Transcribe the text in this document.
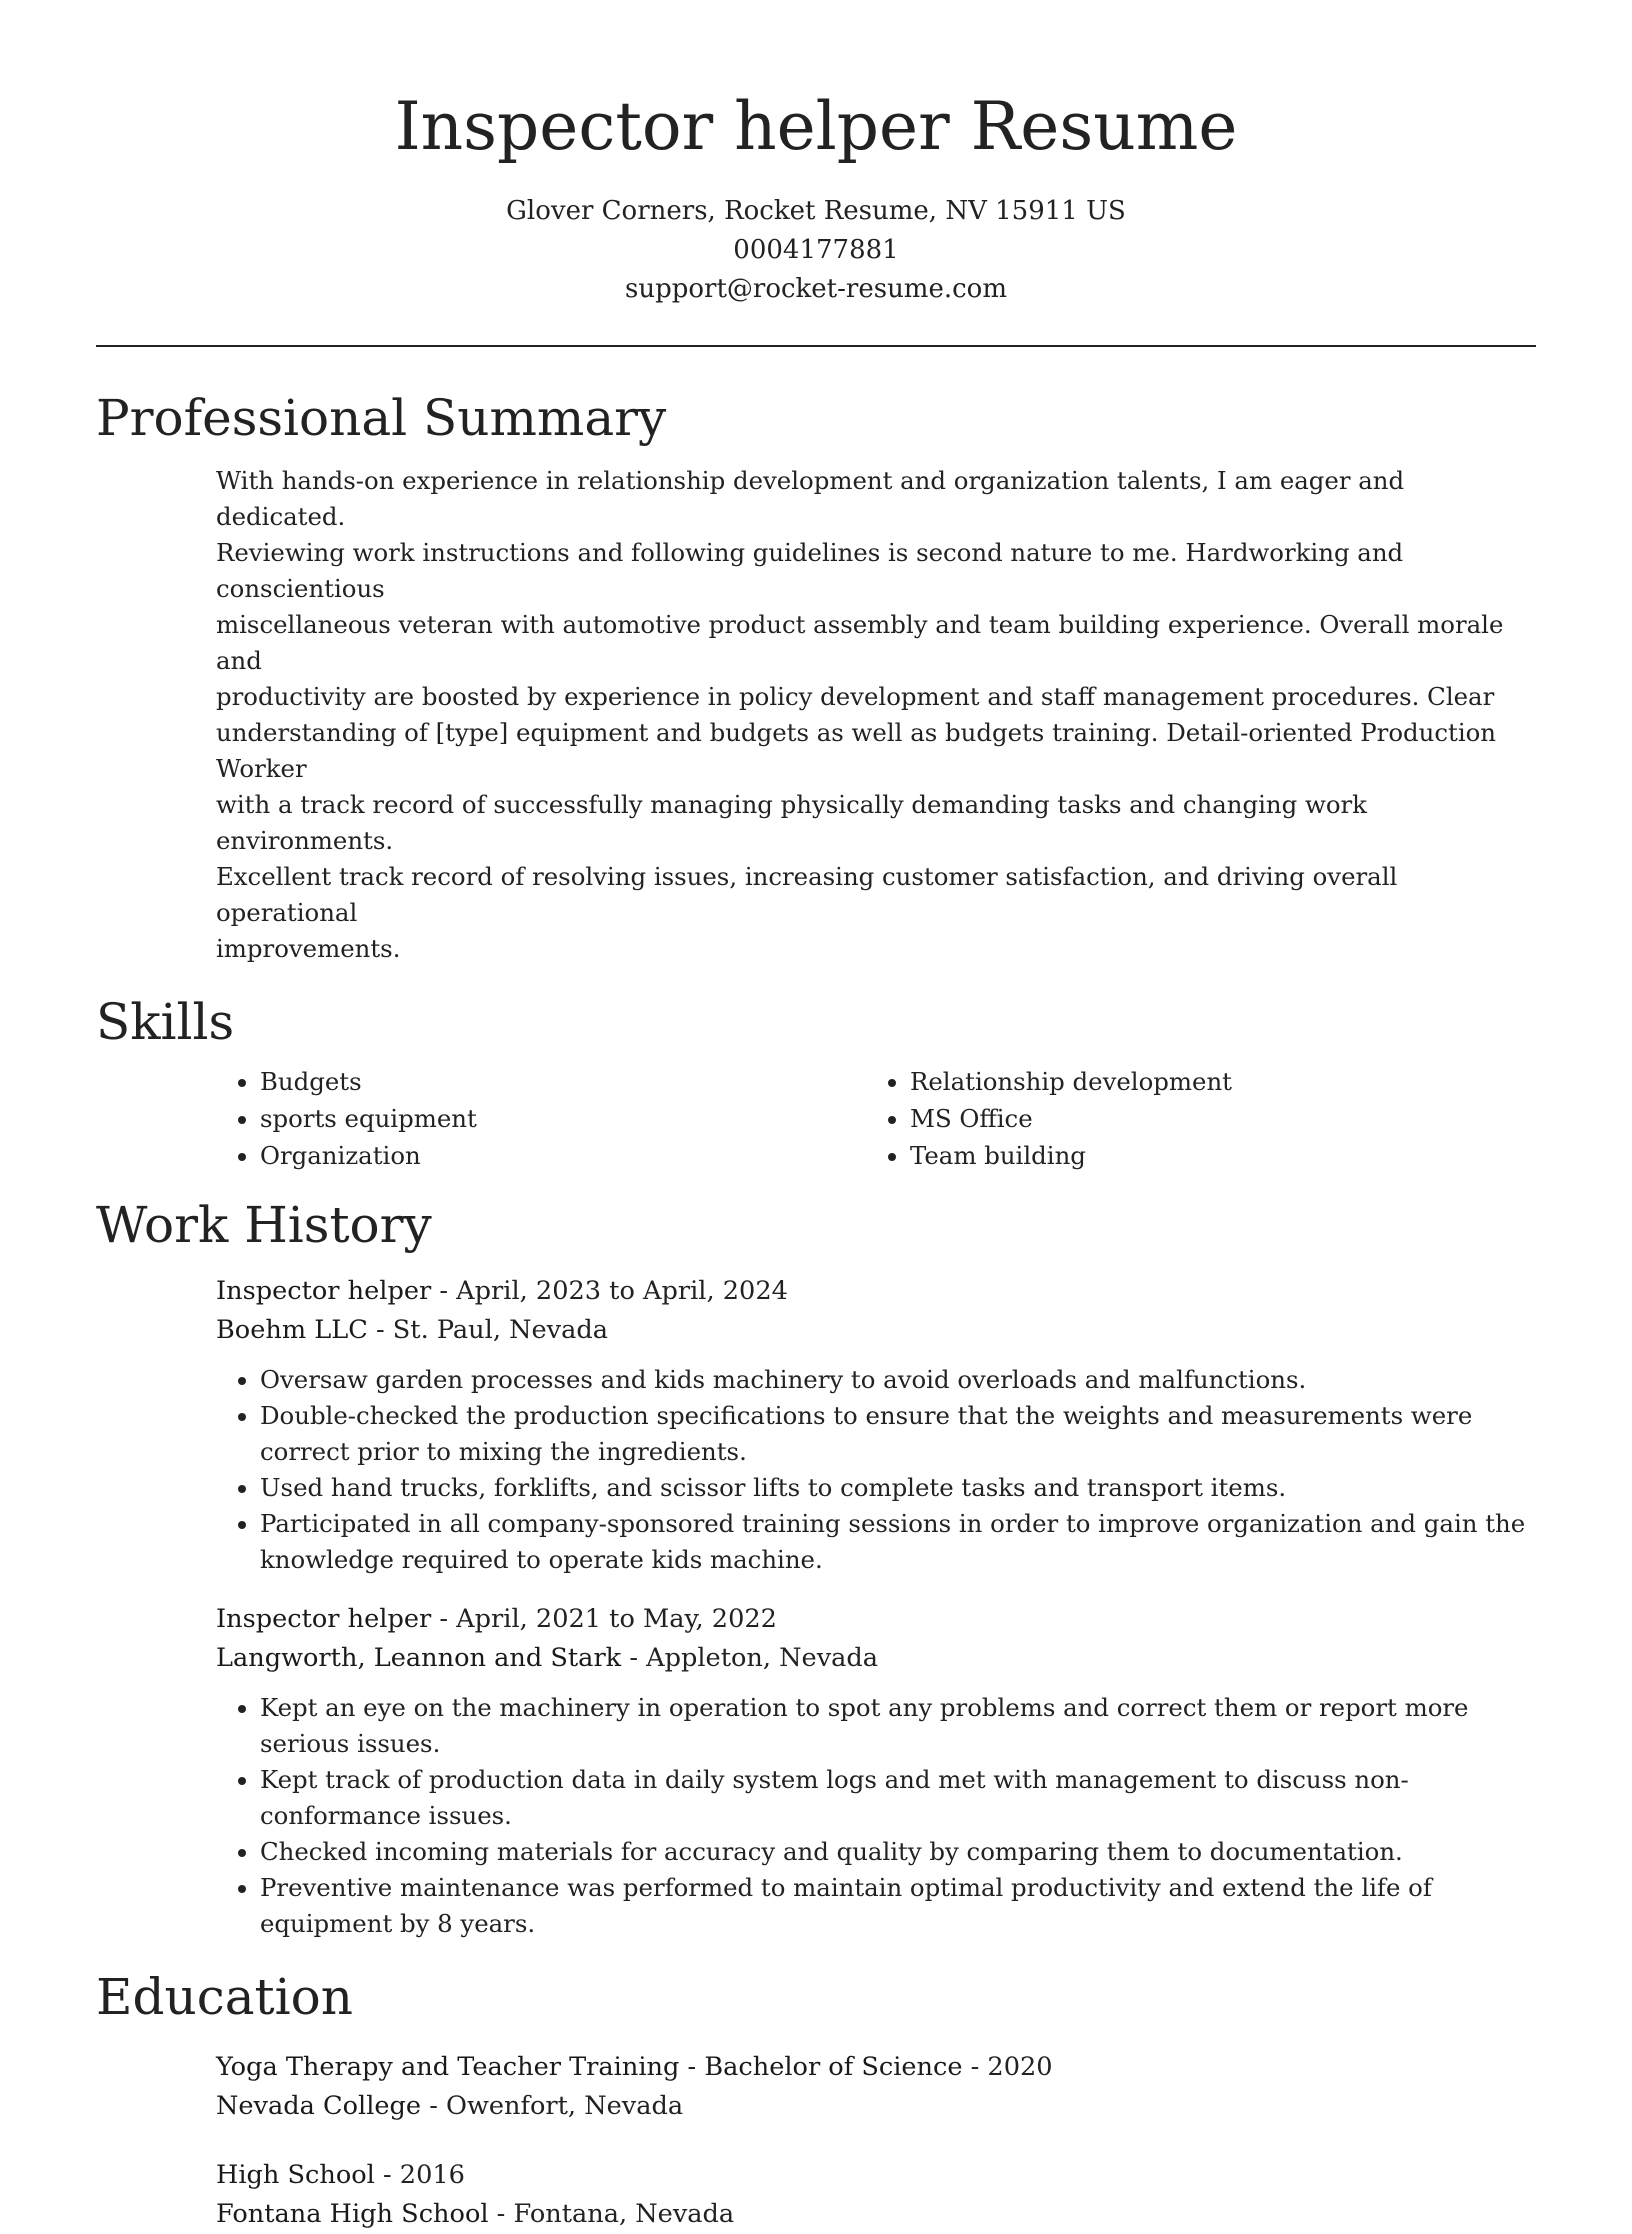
Inspector helper Resume

Glover Corners, Rocket Resume, NV 15911 US

0004177881

support@rocket-resume.com

Professional Summary
With hands-on experience in relationship development and organization talents, I am eager and dedicated.
Reviewing work instructions and following guidelines is second nature to me. Hardworking and conscientious
miscellaneous veteran with automotive product assembly and team building experience. Overall morale and
productivity are boosted by experience in policy development and staff management procedures. Clear
understanding of [type] equipment and budgets as well as budgets training. Detail-oriented Production Worker
with a track record of successfully managing physically demanding tasks and changing work environments.
Excellent track record of resolving issues, increasing customer satisfaction, and driving overall operational
improvements.
Skills
• Budgets
• sports equipment
• Organization
• Relationship development
• MS Office
• Team building
Work History

Inspector helper - April, 2023 to April, 2024

Boehm LLC - St. Paul, Nevada

• Oversaw garden processes and kids machinery to avoid overloads and malfunctions.
• Double-checked the production specifications to ensure that the weights and measurements were correct prior to mixing the ingredients.
• Used hand trucks, forklifts, and scissor lifts to complete tasks and transport items.
• Participated in all company-sponsored training sessions in order to improve organization and gain the knowledge required to operate kids machine.

Inspector helper - April, 2021 to May, 2022

Langworth, Leannon and Stark - Appleton, Nevada

• Kept an eye on the machinery in operation to spot any problems and correct them or report more serious issues.
• Kept track of production data in daily system logs and met with management to discuss non-conformance issues.
• Checked incoming materials for accuracy and quality by comparing them to documentation.
• Preventive maintenance was performed to maintain optimal productivity and extend the life of equipment by 8 years.
Education

Yoga Therapy and Teacher Training - Bachelor of Science - 2020

Nevada College - Owenfort, Nevada

High School - 2016

Fontana High School - Fontana, Nevada
